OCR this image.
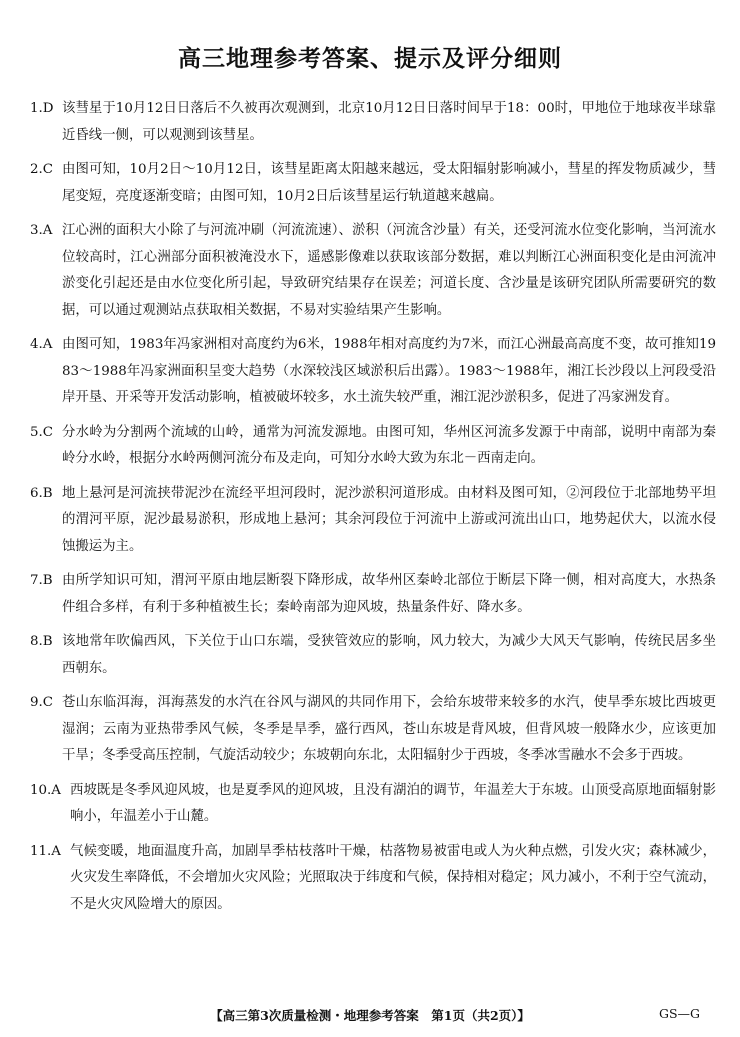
高三地理参考答案、提示及评分细则
1.D 该彗星于10月12日日落后不久被再次观测到，北京10月12日日落时间早于18：00时，甲地位于地球夜半球靠近昏线一侧，可以观测到该彗星。
2.C 由图可知，10月2日～10月12日，该彗星距离太阳越来越远，受太阳辐射影响减小，彗星的挥发物质减少，彗尾变短，亮度逐渐变暗；由图可知，10月2日后该彗星运行轨道越来越扁。
3.A 江心洲的面积大小除了与河流冲刷（河流流速）、淤积（河流含沙量）有关，还受河流水位变化影响，当河流水位较高时，江心洲部分面积被淹没水下，遥感影像难以获取该部分数据，难以判断江心洲面积变化是由河流冲淤变化引起还是由水位变化所引起，导致研究结果存在误差；河道长度、含沙量是该研究团队所需要研究的数据，可以通过观测站点获取相关数据，不易对实验结果产生影响。
4.A 由图可知，1983年冯家洲相对高度约为6米，1988年相对高度约为7米，而江心洲最高高度不变，故可推知1983～1988年冯家洲面积呈变大趋势（水深较浅区域淤积后出露）。1983～1988年，湘江长沙段以上河段受沿岸开垦、开采等开发活动影响，植被破坏较多，水土流失较严重，湘江泥沙淤积多，促进了冯家洲发育。
5.C 分水岭为分割两个流域的山岭，通常为河流发源地。由图可知，华州区河流多发源于中南部，说明中南部为秦岭分水岭，根据分水岭两侧河流分布及走向，可知分水岭大致为东北－西南走向。
6.B 地上悬河是河流挟带泥沙在流经平坦河段时，泥沙淤积河道形成。由材料及图可知，②河段位于北部地势平坦的渭河平原，泥沙最易淤积，形成地上悬河；其余河段位于河流中上游或河流出山口，地势起伏大，以流水侵蚀搬运为主。
7.B 由所学知识可知，渭河平原由地层断裂下降形成，故华州区秦岭北部位于断层下降一侧，相对高度大，水热条件组合多样，有利于多种植被生长；秦岭南部为迎风坡，热量条件好、降水多。
8.B 该地常年吹偏西风，下关位于山口东端，受狭管效应的影响，风力较大，为减少大风天气影响，传统民居多坐西朝东。
9.C 苍山东临洱海，洱海蒸发的水汽在谷风与湖风的共同作用下，会给东坡带来较多的水汽，使旱季东坡比西坡更湿润；云南为亚热带季风气候，冬季是旱季，盛行西风，苍山东坡是背风坡，但背风坡一般降水少，应该更加干旱；冬季受高压控制，气旋活动较少；东坡朝向东北，太阳辐射少于西坡，冬季冰雪融水不会多于西坡。
10.A 西坡既是冬季风迎风坡，也是夏季风的迎风坡，且没有湖泊的调节，年温差大于东坡。山顶受高原地面辐射影响小，年温差小于山麓。
11.A 气候变暖，地面温度升高，加剧旱季枯枝落叶干燥，枯落物易被雷电或人为火种点燃，引发火灾；森林减少，火灾发生率降低，不会增加火灾风险；光照取决于纬度和气候，保持相对稳定；风力减小，不利于空气流动，不是火灾风险增大的原因。
【高三第3次质量检测・地理参考答案　第1页（共2页）】	GS—G
